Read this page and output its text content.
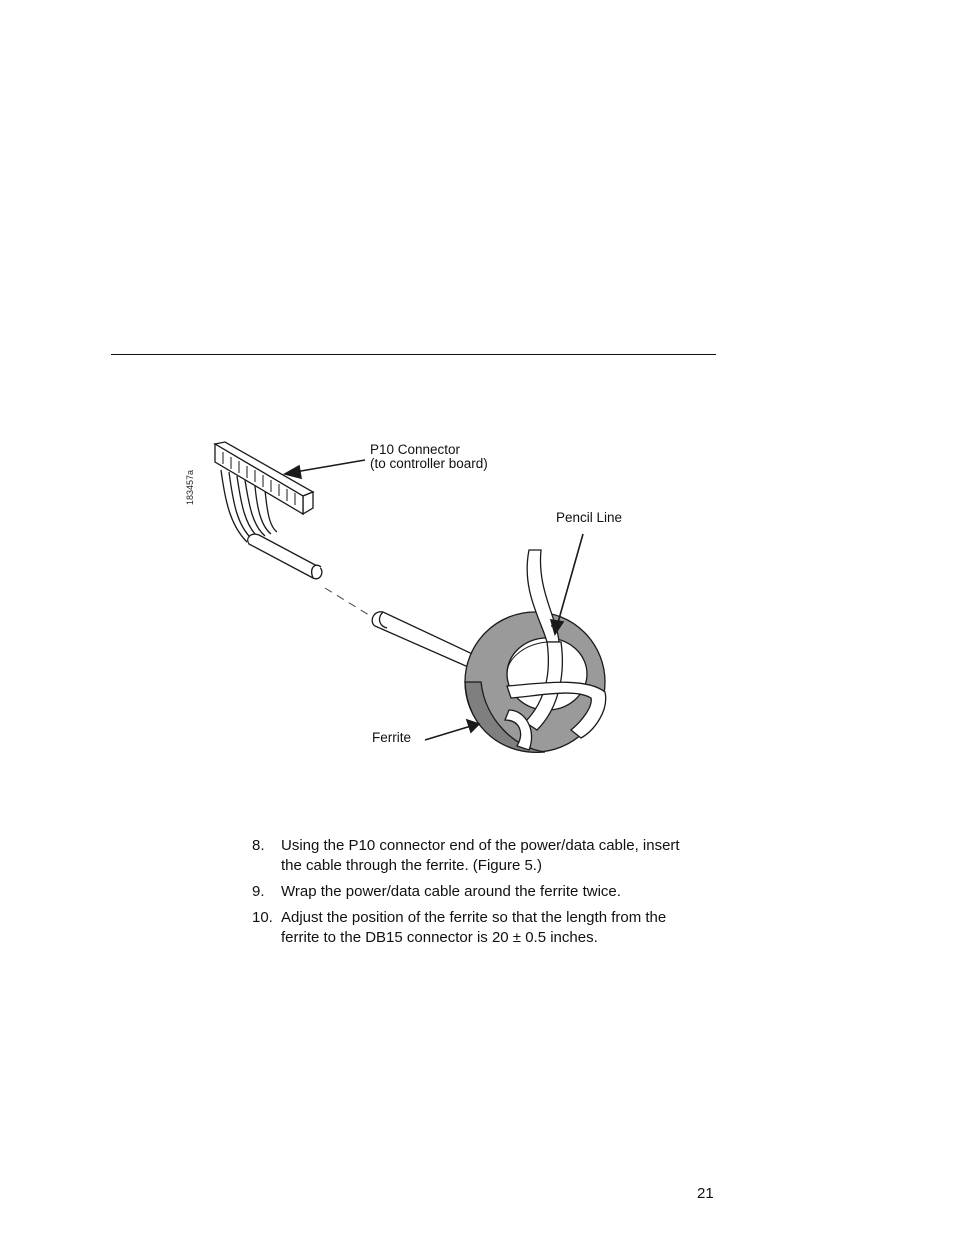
P10 Connector
(to controller board)
Pencil Line
Ferrite
183457a
8. Using the P10 connector end of the power/data cable, insert
the cable through the ferrite. (Figure 5.)
9. Wrap the power/data cable around the ferrite twice.
10. Adjust the position of the ferrite so that the length from the
ferrite to the DB15 connector is 20 ± 0.5 inches.
21
